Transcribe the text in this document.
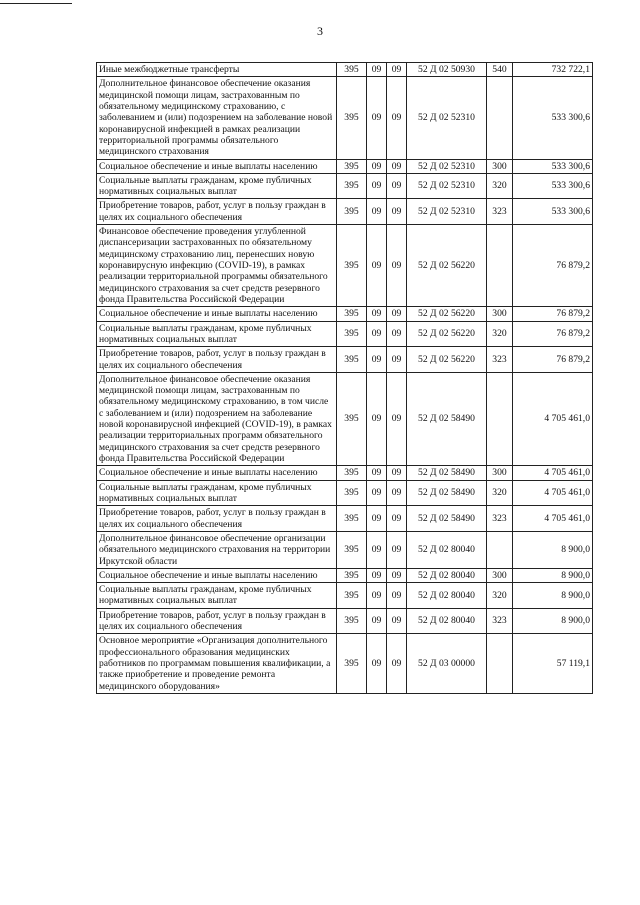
3
Иные межбюджетные трансферты	395	09	09	52 Д 02 50930	540	732 722,1
Дополнительное финансовое обеспечение оказания медицинской помощи лицам, застрахованным по обязательному медицинскому страхованию, с заболеванием и (или) подозрением на заболевание новой коронавирусной инфекцией в рамках реализации территориальной программы обязательного медицинского страхования	395	09	09	52 Д 02 52310		533 300,6
Социальное обеспечение и иные выплаты населению	395	09	09	52 Д 02 52310	300	533 300,6
Социальные выплаты гражданам, кроме публичных нормативных социальных выплат	395	09	09	52 Д 02 52310	320	533 300,6
Приобретение товаров, работ, услуг в пользу граждан в целях их социального обеспечения	395	09	09	52 Д 02 52310	323	533 300,6
Финансовое обеспечение проведения углубленной диспансеризации застрахованных по обязательному медицинскому страхованию лиц, перенесших новую коронавирусную инфекцию (COVID-19), в рамках реализации территориальной программы обязательного медицинского страхования за счет средств резервного фонда Правительства Российской Федерации	395	09	09	52 Д 02 56220		76 879,2
Социальное обеспечение и иные выплаты населению	395	09	09	52 Д 02 56220	300	76 879,2
Социальные выплаты гражданам, кроме публичных нормативных социальных выплат	395	09	09	52 Д 02 56220	320	76 879,2
Приобретение товаров, работ, услуг в пользу граждан в целях их социального обеспечения	395	09	09	52 Д 02 56220	323	76 879,2
Дополнительное финансовое обеспечение оказания медицинской помощи лицам, застрахованным по обязательному медицинскому страхованию, в том числе с заболеванием и (или) подозрением на заболевание новой коронавирусной инфекцией (COVID-19), в рамках реализации территориальных программ обязательного медицинского страхования за счет средств резервного фонда Правительства Российской Федерации	395	09	09	52 Д 02 58490		4 705 461,0
Социальное обеспечение и иные выплаты населению	395	09	09	52 Д 02 58490	300	4 705 461,0
Социальные выплаты гражданам, кроме публичных нормативных социальных выплат	395	09	09	52 Д 02 58490	320	4 705 461,0
Приобретение товаров, работ, услуг в пользу граждан в целях их социального обеспечения	395	09	09	52 Д 02 58490	323	4 705 461,0
Дополнительное финансовое обеспечение организации обязательного медицинского страхования на территории Иркутской области	395	09	09	52 Д 02 80040		8 900,0
Социальное обеспечение и иные выплаты населению	395	09	09	52 Д 02 80040	300	8 900,0
Социальные выплаты гражданам, кроме публичных нормативных социальных выплат	395	09	09	52 Д 02 80040	320	8 900,0
Приобретение товаров, работ, услуг в пользу граждан в целях их социального обеспечения	395	09	09	52 Д 02 80040	323	8 900,0
Основное мероприятие «Организация дополнительного профессионального образования медицинских работников по программам повышения квалификации, а также приобретение и проведение ремонта медицинского оборудования»	395	09	09	52 Д 03 00000		57 119,1
